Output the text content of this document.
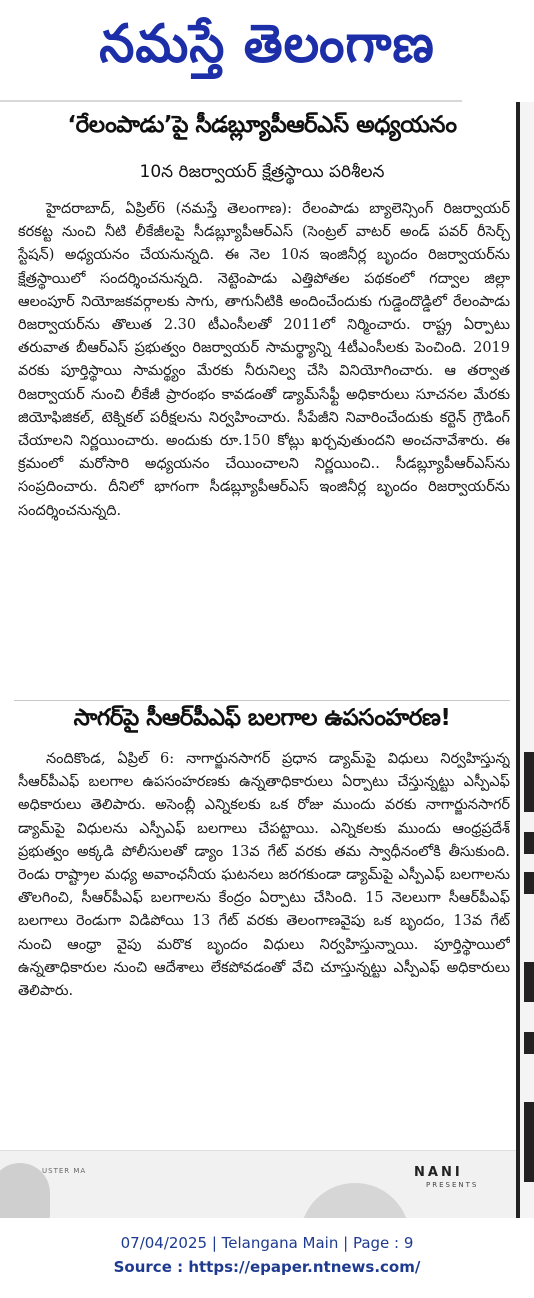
నమస్తే తెలంగాణ
‘రేలంపాడు’పై సీడబ్ల్యూపీఆర్‌ఎస్‌ అధ్యయనం
10న రిజర్వాయర్‌ క్షేత్రస్థాయి పరిశీలన
హైదరాబాద్‌, ఏప్రిల్‌6 (నమస్తే తెలంగాణ): రేలంపాడు బ్యాలెన్సింగ్‌ రిజర్వాయర్‌ కరకట్ట నుంచి నీటి లీకేజీలపై సీడబ్ల్యూపీఆర్‌ఎస్‌ (సెంట్రల్‌ వాటర్‌ అండ్‌ పవర్‌ రీసెర్చ్‌ స్టేషన్‌) అధ్యయనం చేయనున్నది. ఈ నెల 10న ఇంజినీర్ల బృందం రిజర్వాయర్‌ను క్షేత్రస్థాయిలో సందర్శించనున్నది. నెట్టెంపాడు ఎత్తిపోతల పథకంలో గద్వాల జిల్లా ఆలంపూర్‌ నియోజకవర్గాలకు సాగు, తాగునీటికి అందించేందుకు గుడ్డెందొడ్డిలో రేలంపాడు రిజర్వాయర్‌ను తొలుత 2.30 టీఎంసీలతో 2011లో నిర్మించారు. రాష్ట్ర ఏర్పాటు తరువాత బీఆర్‌ఎస్‌ ప్రభుత్వం రిజర్వాయర్‌ సామర్థ్యాన్ని 4టీఎంసీలకు పెంచింది. 2019 వరకు పూర్తిస్థాయి సామర్థ్యం మేరకు నీరునిల్వ చేసి వినియోగించారు. ఆ తర్వాత రిజర్వాయర్‌ నుంచి లీకేజీ ప్రారంభం కావడంతో డ్యామ్‌సేఫ్టీ అధికారులు సూచనల మేరకు జియోఫిజికల్‌, టెక్నికల్‌ పరీక్షలను నిర్వహించారు. సీపేజీని నివారించేందుకు కర్టెన్‌ గ్రౌడింగ్‌ చేయాలని నిర్ణయించారు. అందుకు రూ.150 కోట్లు ఖర్చవుతుందని అంచనావేశారు. ఈ క్రమంలో మరోసారి అధ్యయనం చేయించాలని నిర్ణయించి.. సీడబ్ల్యూపీఆర్‌ఎస్‌ను సంప్రదించారు. దీనిలో భాగంగా సీడబ్ల్యూపీఆర్‌ఎస్‌ ఇంజినీర్ల బృందం రిజర్వాయర్‌ను సందర్శించనున్నది.
సాగర్‌పై సీఆర్‌పీఎఫ్‌ బలగాల ఉపసంహరణ!
నందికొండ, ఏప్రిల్‌ 6: నాగార్జునసాగర్‌ ప్రధాన డ్యామ్‌పై విధులు నిర్వహిస్తున్న సీఆర్‌పీఎఫ్‌ బలగాల ఉపసంహరణకు ఉన్నతాధికారులు ఏర్పాటు చేస్తున్నట్టు ఎస్పీఎఫ్‌ అధికారులు తెలిపారు. అసెంబ్లీ ఎన్నికలకు ఒక రోజు ముందు వరకు నాగార్జునసాగర్‌ డ్యామ్‌పై విధులను ఎస్పీఎఫ్‌ బలగాలు చేపట్టాయి. ఎన్నికలకు ముందు ఆంధ్రప్రదేశ్‌ ప్రభుత్వం అక్కడి పోలీసులతో డ్యాం 13వ గేట్‌ వరకు తమ స్వాధీనంలోకి తీసుకుంది. రెండు రాష్ట్రాల మధ్య అవాంఛనీయ ఘటనలు జరగకుండా డ్యామ్‌పై ఎస్పీఎఫ్‌ బలగాలను తొలగించి, సీఆర్‌పీఎఫ్‌ బలగాలను కేంద్రం ఏర్పాటు చేసింది. 15 నెలలుగా సీఆర్‌పీఎఫ్‌ బలగాలు రెండుగా విడిపోయి 13 గేట్‌ వరకు తెలంగాణవైపు ఒక బృందం, 13వ గేట్‌ నుంచి ఆంధ్రా వైపు మరొక బృందం విధులు నిర్వహిస్తున్నాయి. పూర్తిస్థాయిలో ఉన్నతాధికారుల నుంచి ఆదేశాలు లేకపోవడంతో వేచి చూస్తున్నట్టు ఎస్పీఎఫ్‌ అధికారులు తెలిపారు.
USTER MA	NANI
PRESENTS
07/04/2025 | Telangana Main | Page : 9
Source : https://epaper.ntnews.com/
